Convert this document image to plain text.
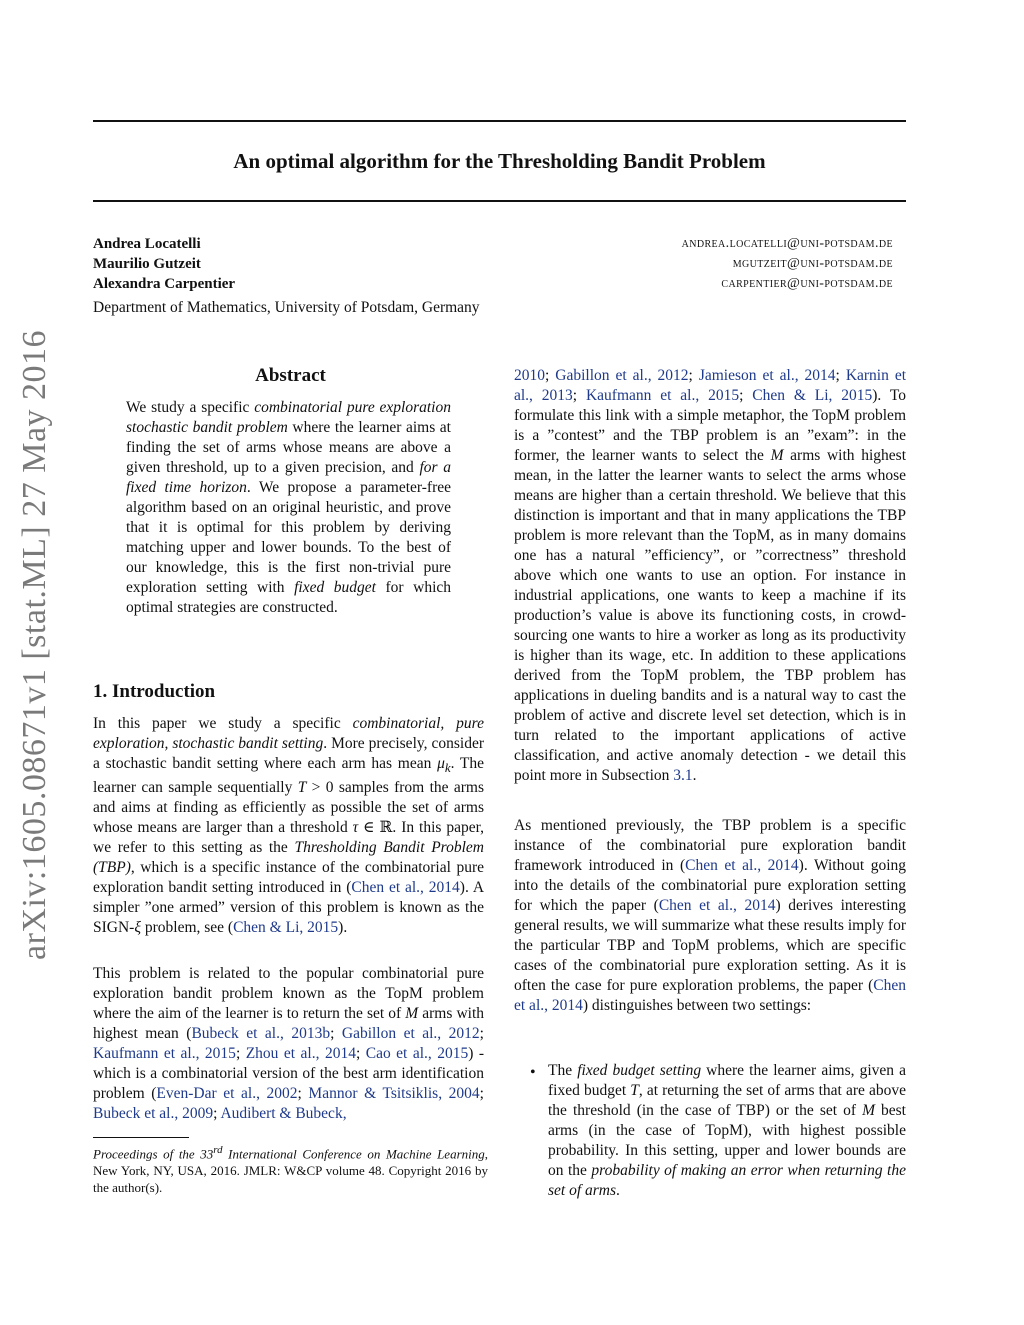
arXiv:1605.08671v1 [stat.ML] 27 May 2016
An optimal algorithm for the Thresholding Bandit Problem
Andrea Locatelli	andrea.locatelli@uni-potsdam.de
Maurilio Gutzeit	mgutzeit@uni-potsdam.de
Alexandra Carpentier	carpentier@uni-potsdam.de
Department of Mathematics, University of Potsdam, Germany
Abstract

We study a specific combinatorial pure exploration stochastic bandit problem where the learner aims at finding the set of arms whose means are above a given threshold, up to a given precision, and for a fixed time horizon. We propose a parameter-free algorithm based on an original heuristic, and prove that it is optimal for this problem by deriving matching upper and lower bounds. To the best of our knowledge, this is the first non-trivial pure exploration setting with fixed budget for which optimal strategies are constructed.

1. Introduction

In this paper we study a specific combinatorial, pure exploration, stochastic bandit setting. More precisely, consider a stochastic bandit setting where each arm has mean $\mu_k$. The learner can sample sequentially T > 0 samples from the arms and aims at finding as efficiently as possible the set of arms whose means are larger than a threshold τ ∈ ℝ. In this paper, we refer to this setting as the Thresholding Bandit Problem (TBP), which is a specific instance of the combinatorial pure exploration bandit setting introduced in (Chen et al., 2014). A simpler ”one armed” version of this problem is known as the SIGN-ξ problem, see (Chen & Li, 2015).

This problem is related to the popular combinatorial pure exploration bandit problem known as the TopM problem where the aim of the learner is to return the set of M arms with highest mean (Bubeck et al., 2013b; Gabillon et al., 2012; Kaufmann et al., 2015; Zhou et al., 2014; Cao et al., 2015) - which is a combinatorial version of the best arm identification problem (Even-Dar et al., 2002; Mannor & Tsitsiklis, 2004; Bubeck et al., 2009; Audibert & Bubeck,

Proceedings of the 33rd International Conference on Machine Learning, New York, NY, USA, 2016. JMLR: W&CP volume 48. Copyright 2016 by the author(s).

2010; Gabillon et al., 2012; Jamieson et al., 2014; Karnin et al., 2013; Kaufmann et al., 2015; Chen & Li, 2015). To formulate this link with a simple metaphor, the TopM problem is a ”contest” and the TBP problem is an ”exam”: in the former, the learner wants to select the M arms with highest mean, in the latter the learner wants to select the arms whose means are higher than a certain threshold. We believe that this distinction is important and that in many applications the TBP problem is more relevant than the TopM, as in many domains one has a natural ”efficiency”, or ”correctness” threshold above which one wants to use an option. For instance in industrial applications, one wants to keep a machine if its production’s value is above its functioning costs, in crowd-sourcing one wants to hire a worker as long as its productivity is higher than its wage, etc. In addition to these applications derived from the TopM problem, the TBP problem has applications in dueling bandits and is a natural way to cast the problem of active and discrete level set detection, which is in turn related to the important applications of active classification, and active anomaly detection - we detail this point more in Subsection 3.1.

As mentioned previously, the TBP problem is a specific instance of the combinatorial pure exploration bandit framework introduced in (Chen et al., 2014). Without going into the details of the combinatorial pure exploration setting for which the paper (Chen et al., 2014) derives interesting general results, we will summarize what these results imply for the particular TBP and TopM problems, which are specific cases of the combinatorial pure exploration setting. As it is often the case for pure exploration problems, the paper (Chen et al., 2014) distinguishes between two settings:

• The fixed budget setting where the learner aims, given a fixed budget T, at returning the set of arms that are above the threshold (in the case of TBP) or the set of M best arms (in the case of TopM), with highest possible probability. In this setting, upper and lower bounds are on the probability of making an error when returning the set of arms.
